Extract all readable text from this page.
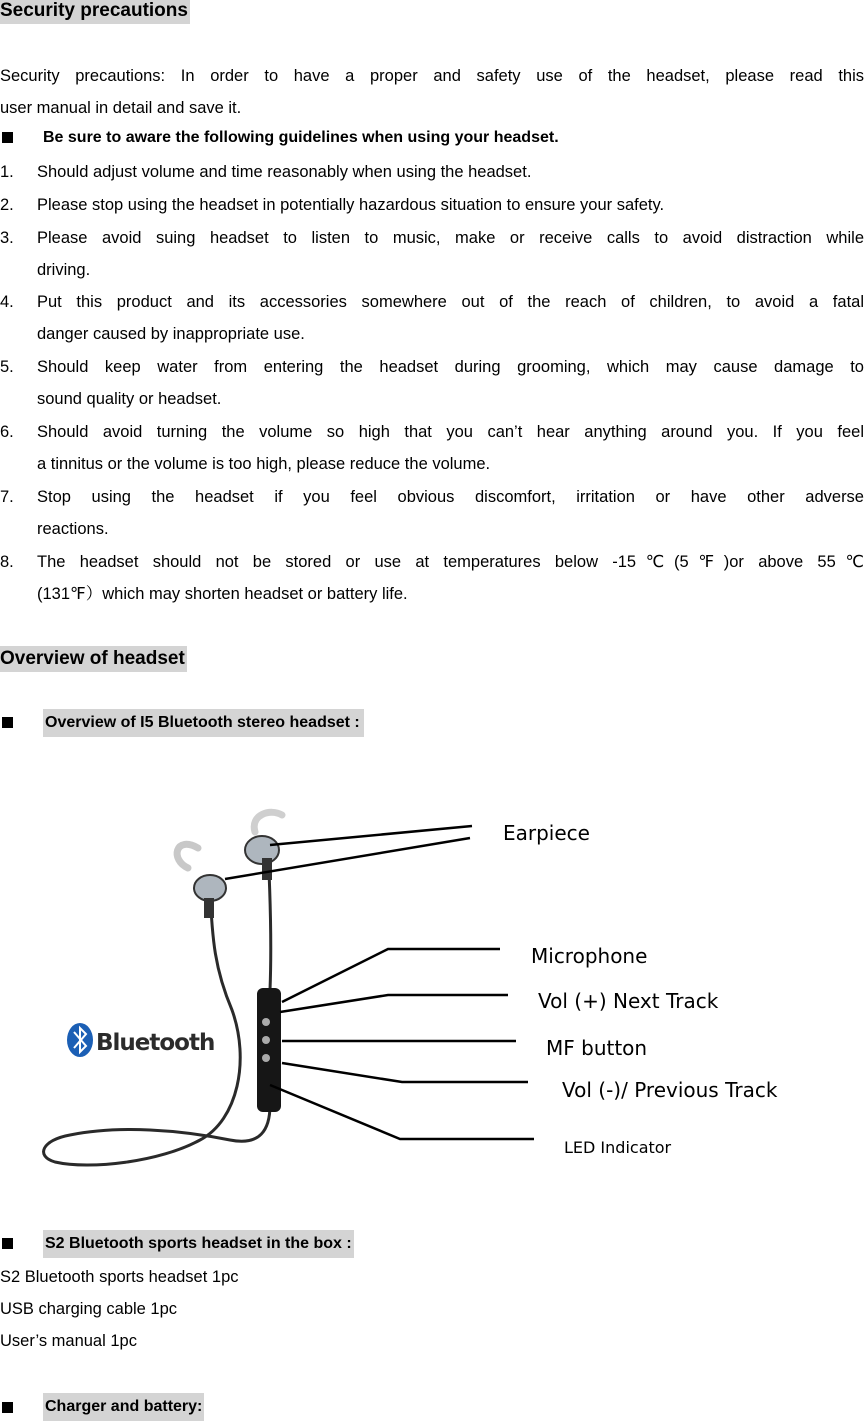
Security precautions
Security precautions: In order to have a proper and safety use of the headset, please read this
user manual in detail and save it.
Be sure to aware the following guidelines when using your headset.
1. Should adjust volume and time reasonably when using the headset.
2. Please stop using the headset in potentially hazardous situation to ensure your safety.
3. Please avoid suing headset to listen to music, make or receive calls to avoid distraction while
driving.
4. Put this product and its accessories somewhere out of the reach of children, to avoid a fatal
danger caused by inappropriate use.
5. Should keep water from entering the headset during grooming, which may cause damage to
sound quality or headset.
6. Should avoid turning the volume so high that you can’t hear anything around you. If you feel
a tinnitus or the volume is too high, please reduce the volume.
7. Stop using the headset if you feel obvious discomfort, irritation or have other adverse
reactions.
8. The headset should not be stored or use at temperatures below -15℃(5℉)or above 55℃
(131℉）which may shorten headset or battery life.
Overview of headset
Overview of I5 Bluetooth stereo headset :
Bluetooth
Earpiece
Microphone
Vol (+) Next Track
MF button
Vol (-)/ Previous Track
LED Indicator
S2 Bluetooth sports headset in the box :
S2 Bluetooth sports headset 1pc
USB charging cable 1pc
User’s manual 1pc
Charger and battery:
